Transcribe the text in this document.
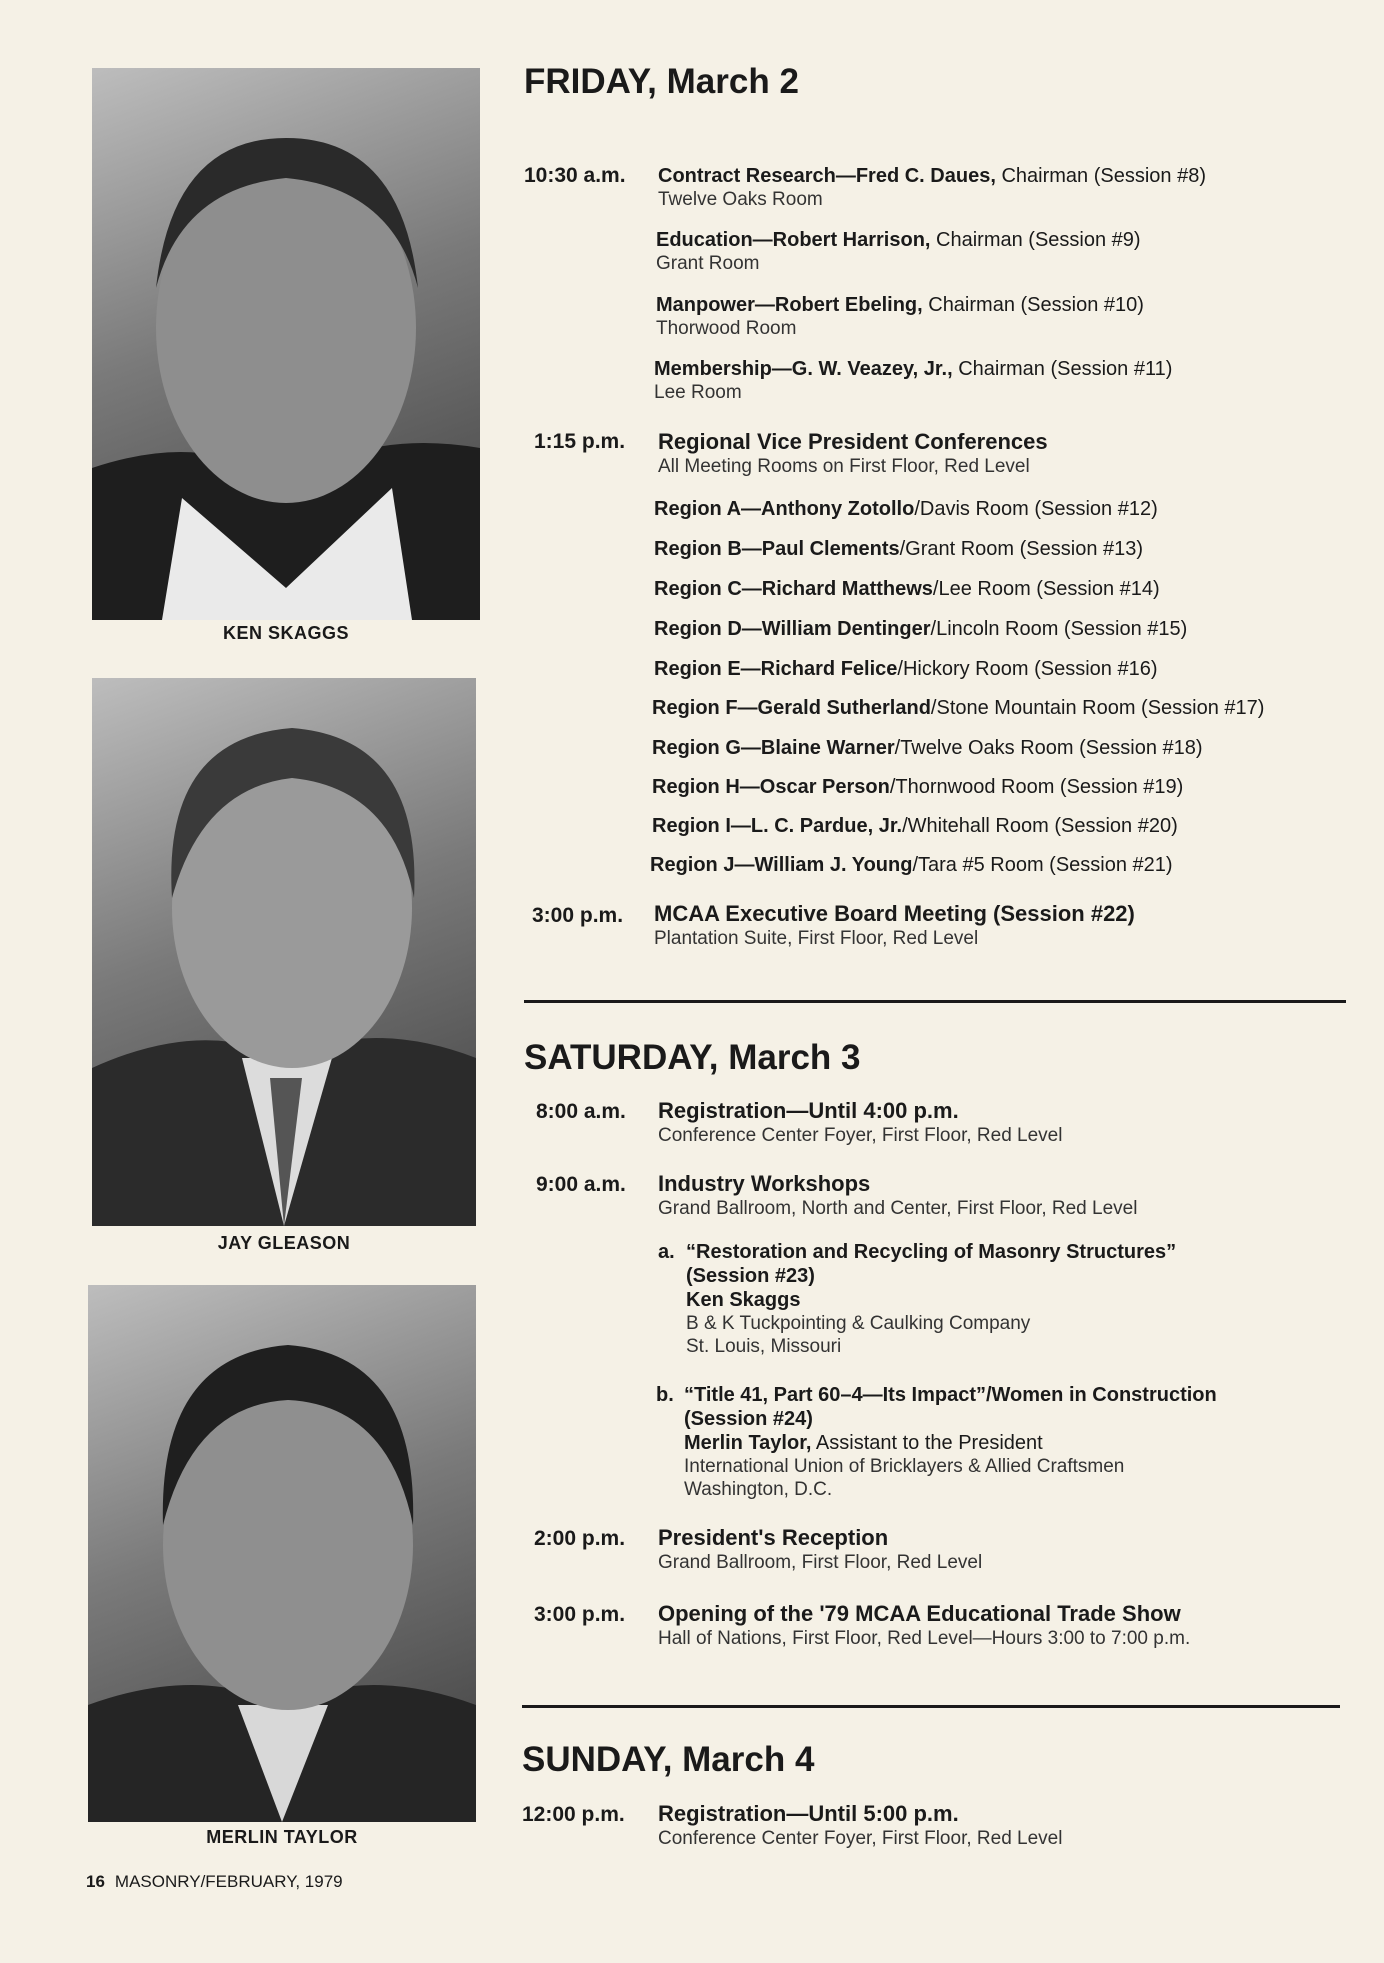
KEN SKAGGS
JAY GLEASON
MERLIN TAYLOR
FRIDAY, March 2
10:30 a.m. Contract Research—Fred C. Daues, Chairman (Session #8)
Twelve Oaks Room
Education—Robert Harrison, Chairman (Session #9)
Grant Room
Manpower—Robert Ebeling, Chairman (Session #10)
Thorwood Room
Membership—G. W. Veazey, Jr., Chairman (Session #11)
Lee Room
1:15 p.m. Regional Vice President Conferences
All Meeting Rooms on First Floor, Red Level
Region A—Anthony Zotollo/Davis Room (Session #12)
Region B—Paul Clements/Grant Room (Session #13)
Region C—Richard Matthews/Lee Room (Session #14)
Region D—William Dentinger/Lincoln Room (Session #15)
Region E—Richard Felice/Hickory Room (Session #16)
Region F—Gerald Sutherland/Stone Mountain Room (Session #17)
Region G—Blaine Warner/Twelve Oaks Room (Session #18)
Region H—Oscar Person/Thornwood Room (Session #19)
Region I—L. C. Pardue, Jr./Whitehall Room (Session #20)
Region J—William J. Young/Tara #5 Room (Session #21)
3:00 p.m. MCAA Executive Board Meeting (Session #22)
Plantation Suite, First Floor, Red Level
SATURDAY, March 3
8:00 a.m. Registration—Until 4:00 p.m.
Conference Center Foyer, First Floor, Red Level
9:00 a.m. Industry Workshops
Grand Ballroom, North and Center, First Floor, Red Level
a. “Restoration and Recycling of Masonry Structures”
(Session #23)
Ken Skaggs
B & K Tuckpointing & Caulking Company
St. Louis, Missouri
b. “Title 41, Part 60–4—Its Impact”/Women in Construction
(Session #24)
Merlin Taylor, Assistant to the President
International Union of Bricklayers & Allied Craftsmen
Washington, D.C.
2:00 p.m. President's Reception
Grand Ballroom, First Floor, Red Level
3:00 p.m. Opening of the '79 MCAA Educational Trade Show
Hall of Nations, First Floor, Red Level—Hours 3:00 to 7:00 p.m.
SUNDAY, March 4
12:00 p.m. Registration—Until 5:00 p.m.
Conference Center Foyer, First Floor, Red Level
16 MASONRY/FEBRUARY, 1979
